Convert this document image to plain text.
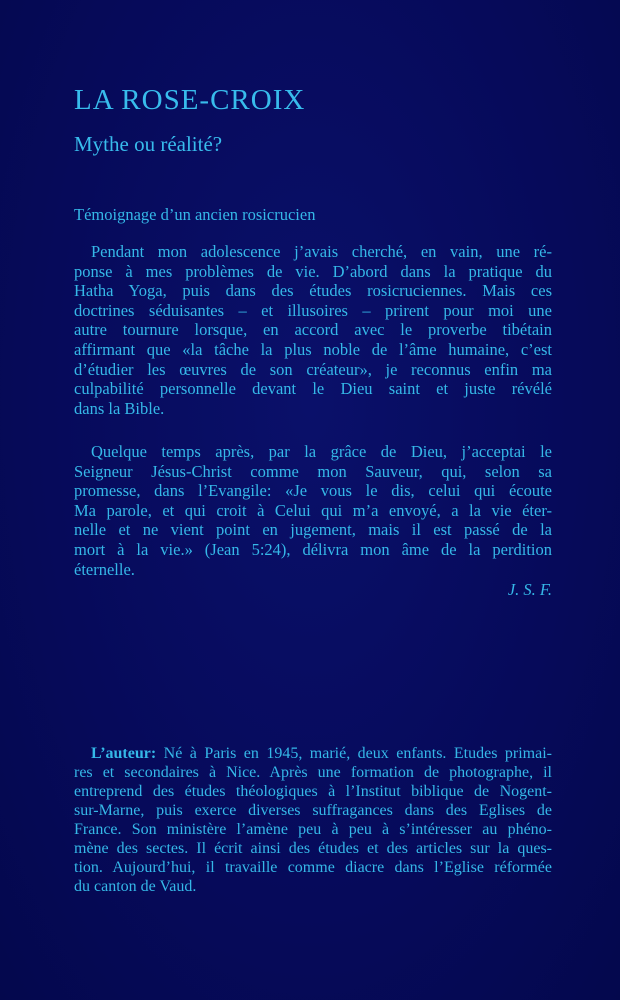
LA ROSE-CROIX
Mythe ou réalité?
Témoignage d’un ancien rosicrucien
Pendant mon adolescence j’avais cherché, en vain, une ré-
ponse à mes problèmes de vie. D’abord dans la pratique du
Hatha Yoga, puis dans des études rosicruciennes. Mais ces
doctrines séduisantes – et illusoires – prirent pour moi une
autre tournure lorsque, en accord avec le proverbe tibétain
affirmant que «la tâche la plus noble de l’âme humaine, c’est
d’étudier les œuvres de son créateur», je reconnus enfin ma
culpabilité personnelle devant le Dieu saint et juste révélé
dans la Bible.
Quelque temps après, par la grâce de Dieu, j’acceptai le
Seigneur Jésus-Christ comme mon Sauveur, qui, selon sa
promesse, dans l’Evangile: «Je vous le dis, celui qui écoute
Ma parole, et qui croit à Celui qui m’a envoyé, a la vie éter-
nelle et ne vient point en jugement, mais il est passé de la
mort à la vie.» (Jean 5:24), délivra mon âme de la perdition
éternelle.
J. S. F.
L’auteur: Né à Paris en 1945, marié, deux enfants. Etudes primai-
res et secondaires à Nice. Après une formation de photographe, il
entreprend des études théologiques à l’Institut biblique de Nogent-
sur-Marne, puis exerce diverses suffragances dans des Eglises de
France. Son ministère l’amène peu à peu à s’intéresser au phéno-
mène des sectes. Il écrit ainsi des études et des articles sur la ques-
tion. Aujourd’hui, il travaille comme diacre dans l’Eglise réformée
du canton de Vaud.
